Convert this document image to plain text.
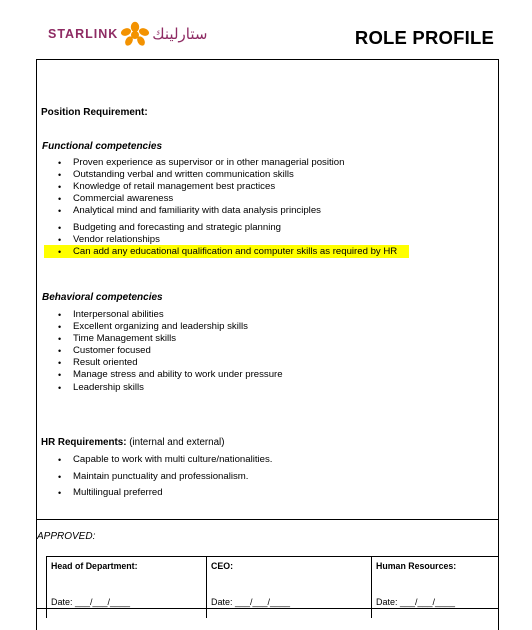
STARLINK ستارلينك	ROLE PROFILE
Position Requirement:
Functional competencies
• Proven experience as supervisor or in other managerial position
• Outstanding verbal and written communication skills
• Knowledge of retail management best practices
• Commercial awareness
• Analytical mind and familiarity with data analysis principles
• Budgeting and forecasting and strategic planning
• Vendor relationships
• Can add any educational qualification and computer skills as required by HR
Behavioral competencies
• Interpersonal abilities
• Excellent organizing and leadership skills
• Time Management skills
• Customer focused
• Result oriented
• Manage stress and ability to work under pressure
• Leadership skills
HR Requirements: (internal and external)
• Capable to work with multi culture/nationalities.
• Maintain punctuality and professionalism.
• Multilingual preferred
APPROVED:
Head of Department:
Date: ___/___/____
CEO:
Date: ___/___/____
Human Resources:
Date: ___/___/____
